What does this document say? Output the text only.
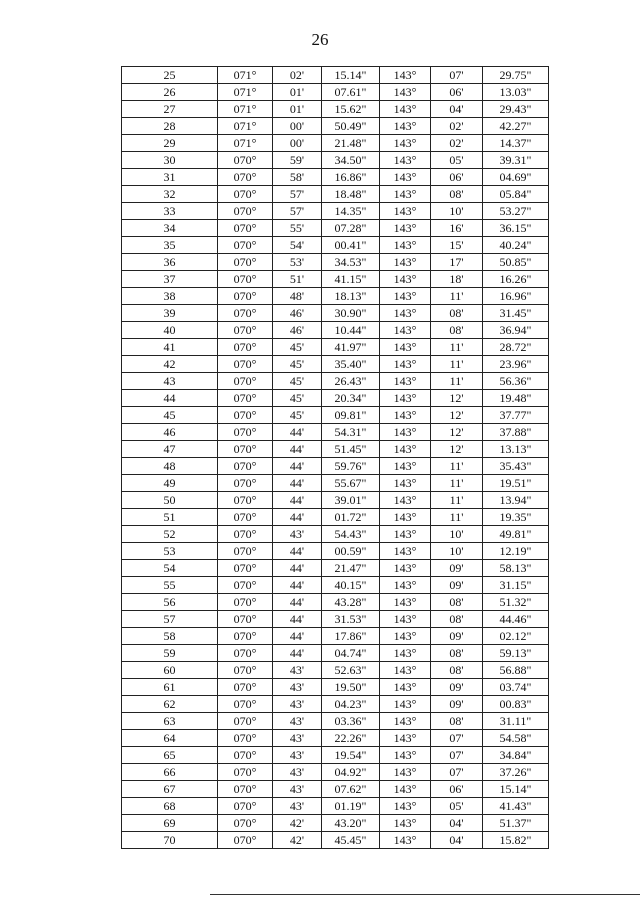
26
25	071°	02'	15.14"	143°	07'	29.75"
26	071°	01'	07.61"	143°	06'	13.03"
27	071°	01'	15.62"	143°	04'	29.43"
28	071°	00'	50.49"	143°	02'	42.27"
29	071°	00'	21.48"	143°	02'	14.37"
30	070°	59'	34.50"	143°	05'	39.31"
31	070°	58'	16.86"	143°	06'	04.69"
32	070°	57'	18.48"	143°	08'	05.84"
33	070°	57'	14.35"	143°	10'	53.27"
34	070°	55'	07.28"	143°	16'	36.15"
35	070°	54'	00.41"	143°	15'	40.24"
36	070°	53'	34.53"	143°	17'	50.85"
37	070°	51'	41.15"	143°	18'	16.26"
38	070°	48'	18.13"	143°	11'	16.96"
39	070°	46'	30.90"	143°	08'	31.45"
40	070°	46'	10.44"	143°	08'	36.94"
41	070°	45'	41.97"	143°	11'	28.72"
42	070°	45'	35.40"	143°	11'	23.96"
43	070°	45'	26.43"	143°	11'	56.36"
44	070°	45'	20.34"	143°	12'	19.48"
45	070°	45'	09.81"	143°	12'	37.77"
46	070°	44'	54.31"	143°	12'	37.88"
47	070°	44'	51.45"	143°	12'	13.13"
48	070°	44'	59.76"	143°	11'	35.43"
49	070°	44'	55.67"	143°	11'	19.51"
50	070°	44'	39.01"	143°	11'	13.94"
51	070°	44'	01.72"	143°	11'	19.35"
52	070°	43'	54.43"	143°	10'	49.81"
53	070°	44'	00.59"	143°	10'	12.19"
54	070°	44'	21.47"	143°	09'	58.13"
55	070°	44'	40.15"	143°	09'	31.15"
56	070°	44'	43.28"	143°	08'	51.32"
57	070°	44'	31.53"	143°	08'	44.46"
58	070°	44'	17.86"	143°	09'	02.12"
59	070°	44'	04.74"	143°	08'	59.13"
60	070°	43'	52.63"	143°	08'	56.88"
61	070°	43'	19.50"	143°	09'	03.74"
62	070°	43'	04.23"	143°	09'	00.83"
63	070°	43'	03.36"	143°	08'	31.11"
64	070°	43'	22.26"	143°	07'	54.58"
65	070°	43'	19.54"	143°	07'	34.84"
66	070°	43'	04.92"	143°	07'	37.26"
67	070°	43'	07.62"	143°	06'	15.14"
68	070°	43'	01.19"	143°	05'	41.43"
69	070°	42'	43.20"	143°	04'	51.37"
70	070°	42'	45.45"	143°	04'	15.82"
